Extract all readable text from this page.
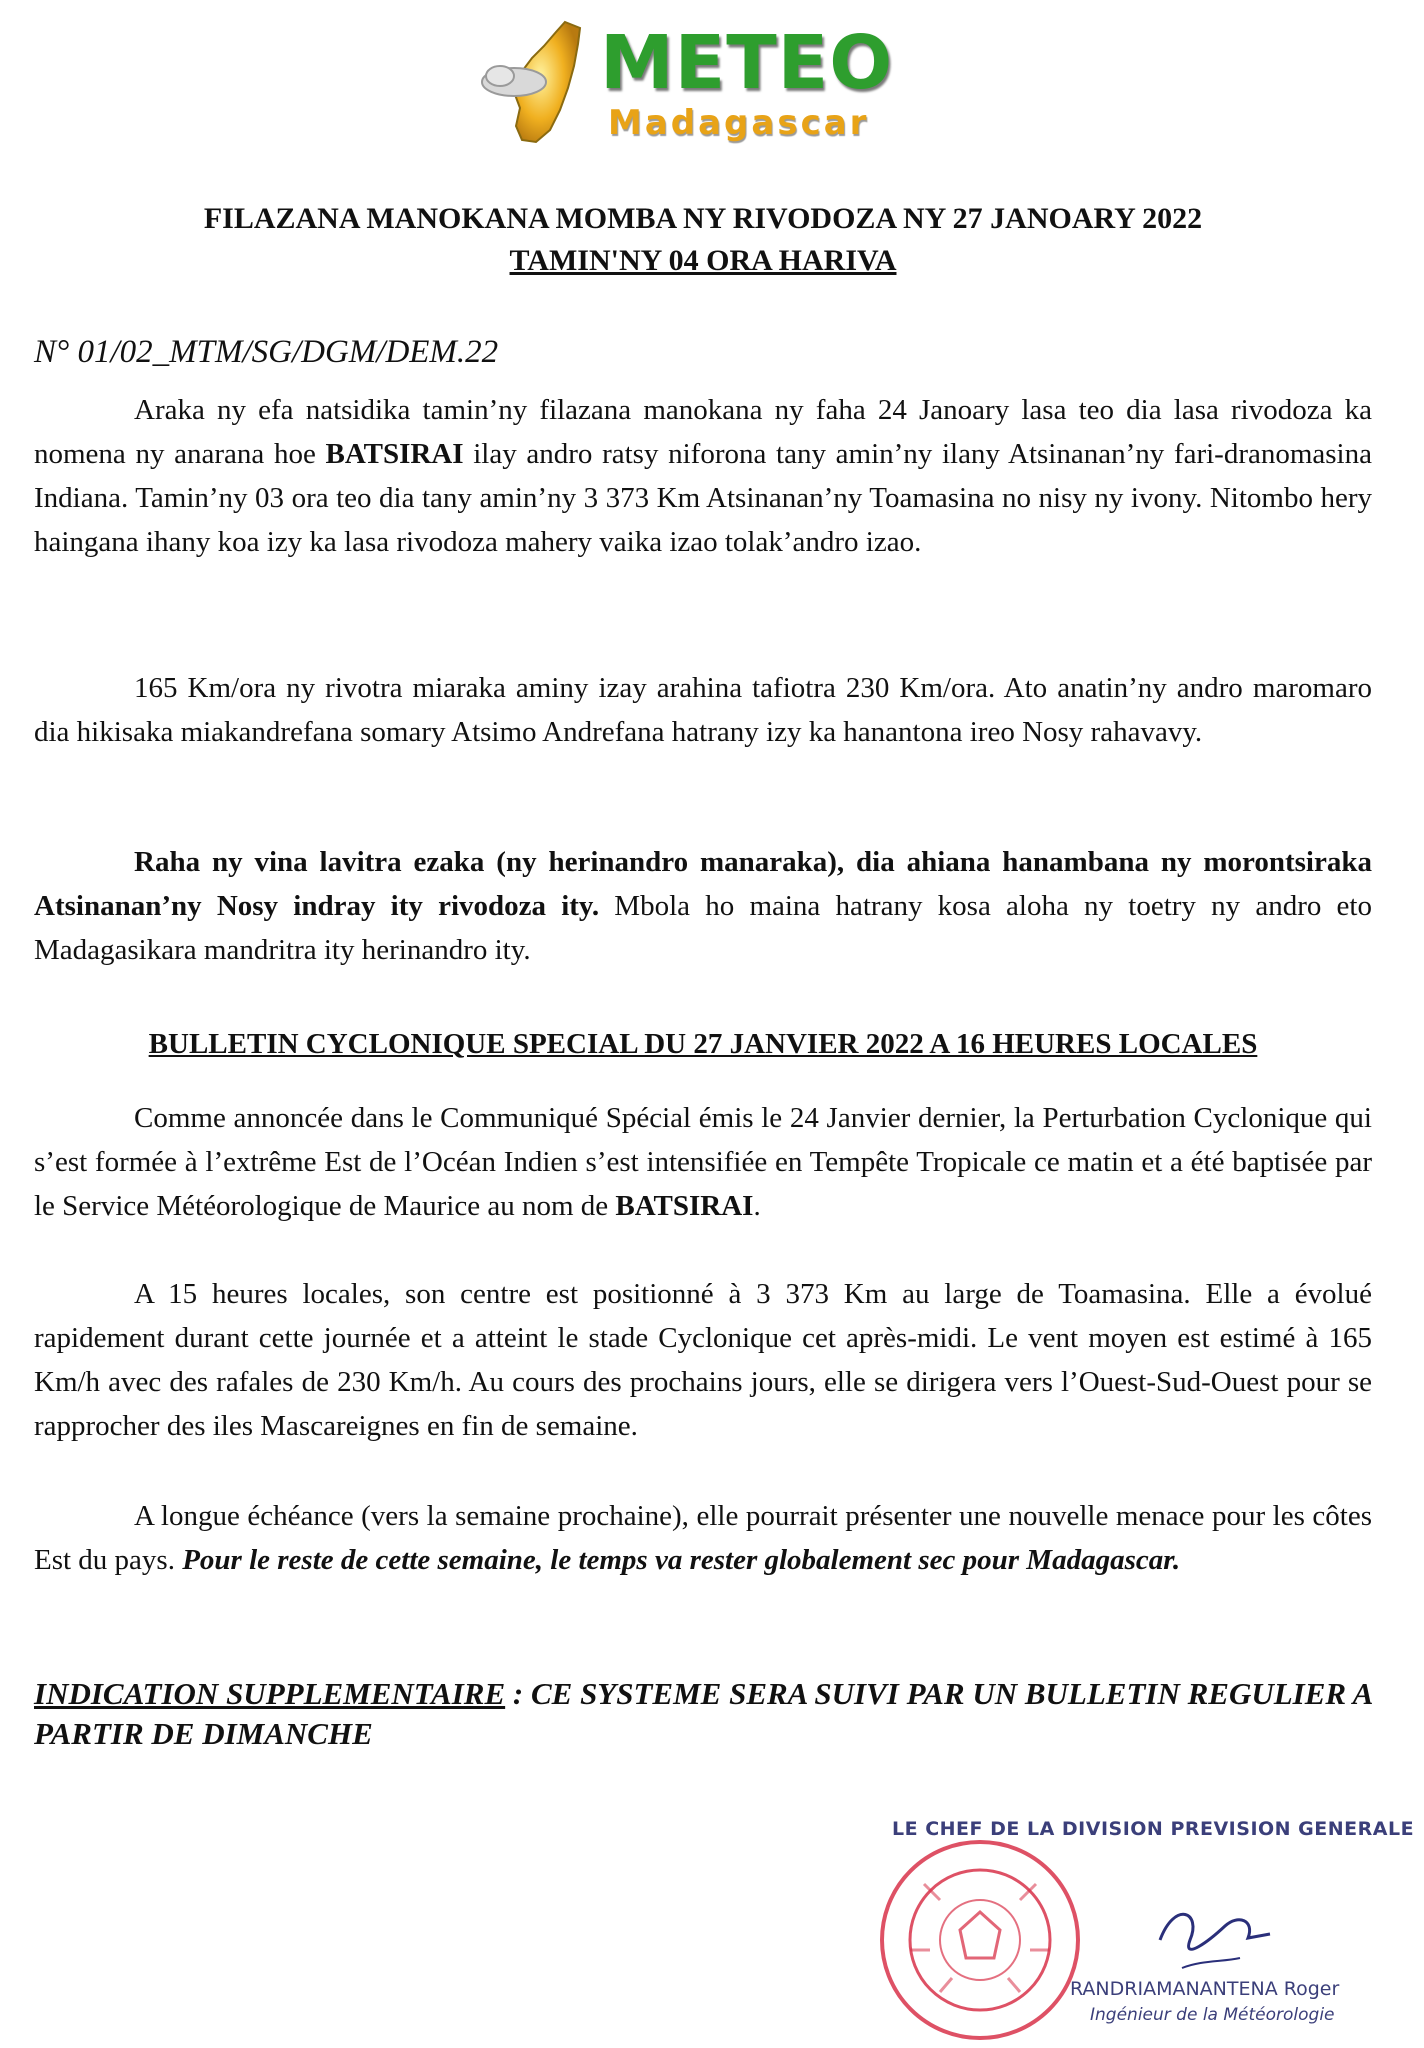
METEO
Madagascar
FILAZANA MANOKANA MOMBA NY RIVODOZA NY 27 JANOARY 2022
TAMIN'NY 04 ORA HARIVA
N° 01/02_MTM/SG/DGM/DEM.22

Araka ny efa natsidika tamin’ny filazana manokana ny faha 24 Janoary lasa teo dia lasa rivodoza ka nomena ny anarana hoe BATSIRAI ilay andro ratsy niforona tany amin’ny ilany Atsinanan’ny fari-dranomasina Indiana. Tamin’ny 03 ora teo dia tany amin’ny 3 373 Km Atsinanan’ny Toamasina no nisy ny ivony. Nitombo hery haingana ihany koa izy ka lasa rivodoza mahery vaika izao tolak’andro izao.

165 Km/ora ny rivotra miaraka aminy izay arahina tafiotra 230 Km/ora. Ato anatin’ny andro maromaro dia hikisaka miakandrefana somary Atsimo Andrefana hatrany izy ka hanantona ireo Nosy rahavavy.

Raha ny vina lavitra ezaka (ny herinandro manaraka), dia ahiana hanambana ny morontsiraka Atsinanan’ny Nosy indray ity rivodoza ity. Mbola ho maina hatrany kosa aloha ny toetry ny andro eto Madagasikara mandritra ity herinandro ity.

BULLETIN CYCLONIQUE SPECIAL DU 27 JANVIER 2022 A 16 HEURES LOCALES

Comme annoncée dans le Communiqué Spécial émis le 24 Janvier dernier, la Perturbation Cyclonique qui s’est formée à l’extrême Est de l’Océan Indien s’est intensifiée en Tempête Tropicale ce matin et a été baptisée par le Service Météorologique de Maurice au nom de BATSIRAI.

A 15 heures locales, son centre est positionné à 3 373 Km au large de Toamasina. Elle a évolué rapidement durant cette journée et a atteint le stade Cyclonique cet après-midi. Le vent moyen est estimé à 165 Km/h avec des rafales de 230 Km/h. Au cours des prochains jours, elle se dirigera vers l’Ouest-Sud-Ouest pour se rapprocher des iles Mascareignes en fin de semaine.

A longue échéance (vers la semaine prochaine), elle pourrait présenter une nouvelle menace pour les côtes Est du pays. Pour le reste de cette semaine, le temps va rester globalement sec pour Madagascar.

INDICATION SUPPLEMENTAIRE : CE SYSTEME SERA SUIVI PAR UN BULLETIN REGULIER A PARTIR DE DIMANCHE
LE CHEF DE LA DIVISION PREVISION GENERALE
RANDRIAMANANTENA Roger
Ingénieur de la Météorologie
